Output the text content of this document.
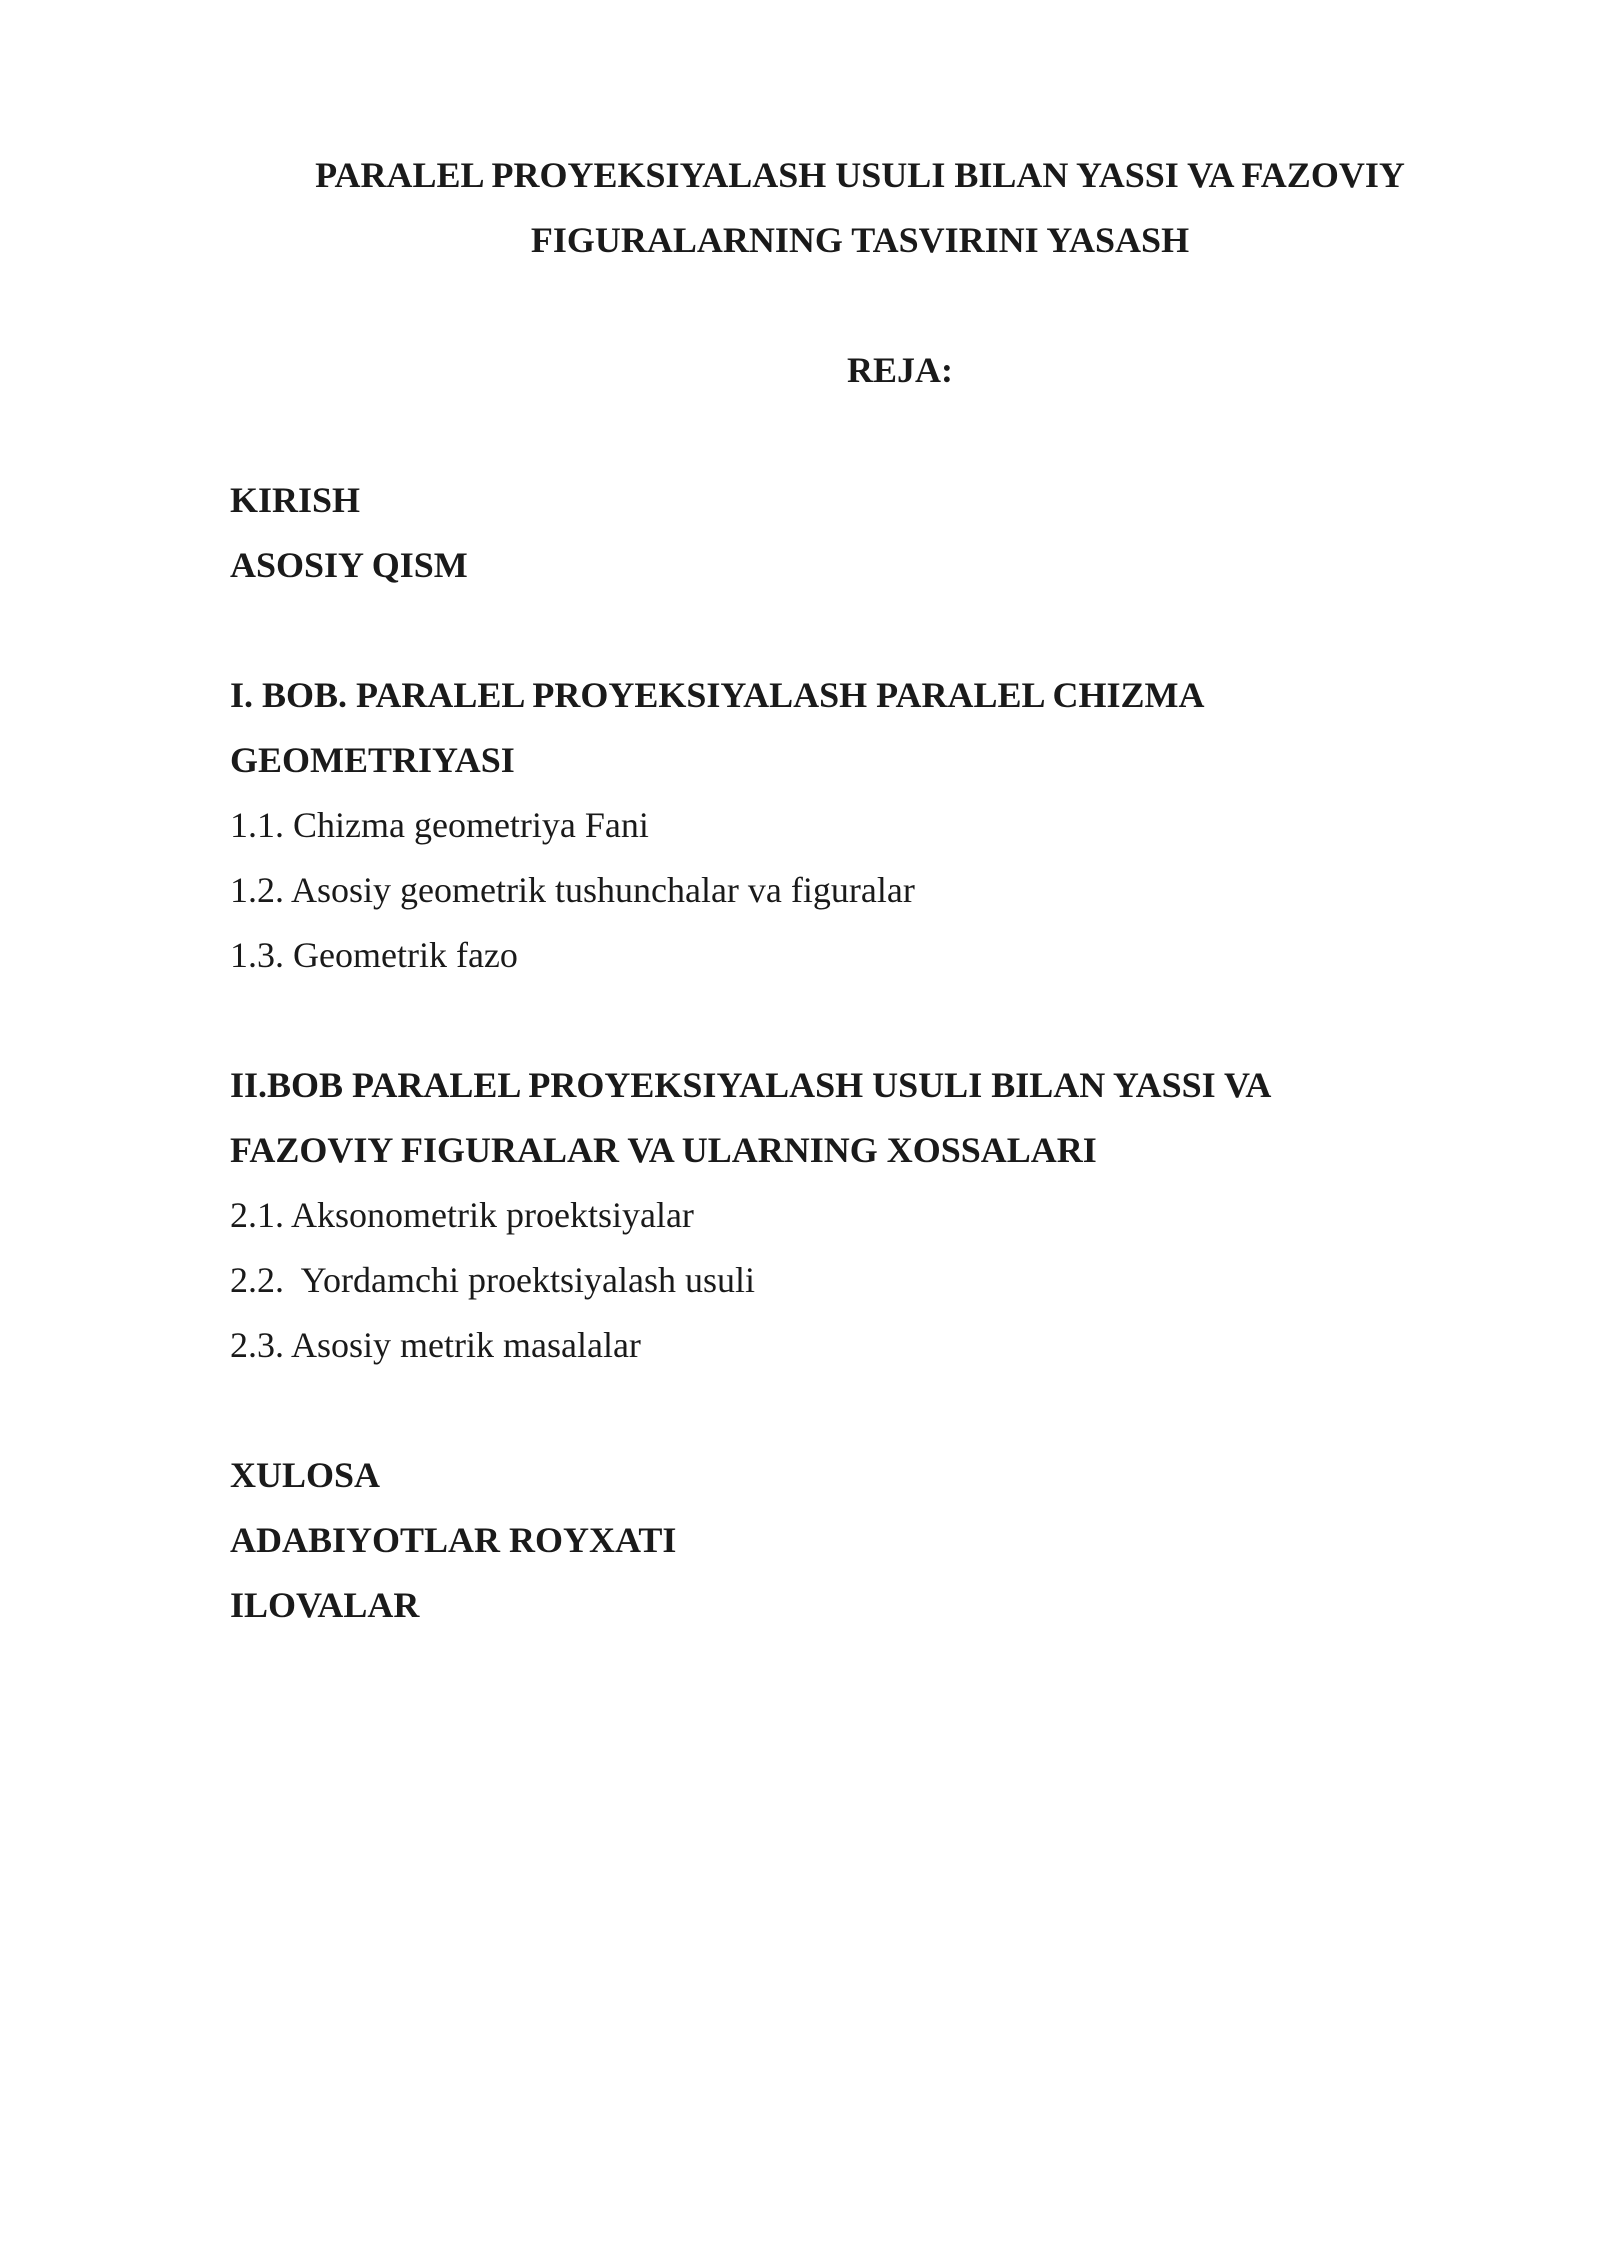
PARALEL PROYEKSIYALASH USULI BILAN YASSI VA FAZOVIY
FIGURALARNING TASVIRINI YASASH
REJA:
KIRISH
ASOSIY QISM
I. BOB. PARALEL PROYEKSIYALASH PARALEL CHIZMA
GEOMETRIYASI
1.1. Chizma geometriya Fani
1.2. Asosiy geometrik tushunchalar va figuralar
1.3. Geometrik fazo
II.BOB PARALEL PROYEKSIYALASH USULI BILAN YASSI VA
FAZOVIY FIGURALAR VA ULARNING XOSSALARI
2.1. Aksonometrik proektsiyalar
2.2.  Yordamchi proektsiyalash usuli
2.3. Asosiy metrik masalalar
XULOSA
ADABIYOTLAR ROYXATI
ILOVALAR
